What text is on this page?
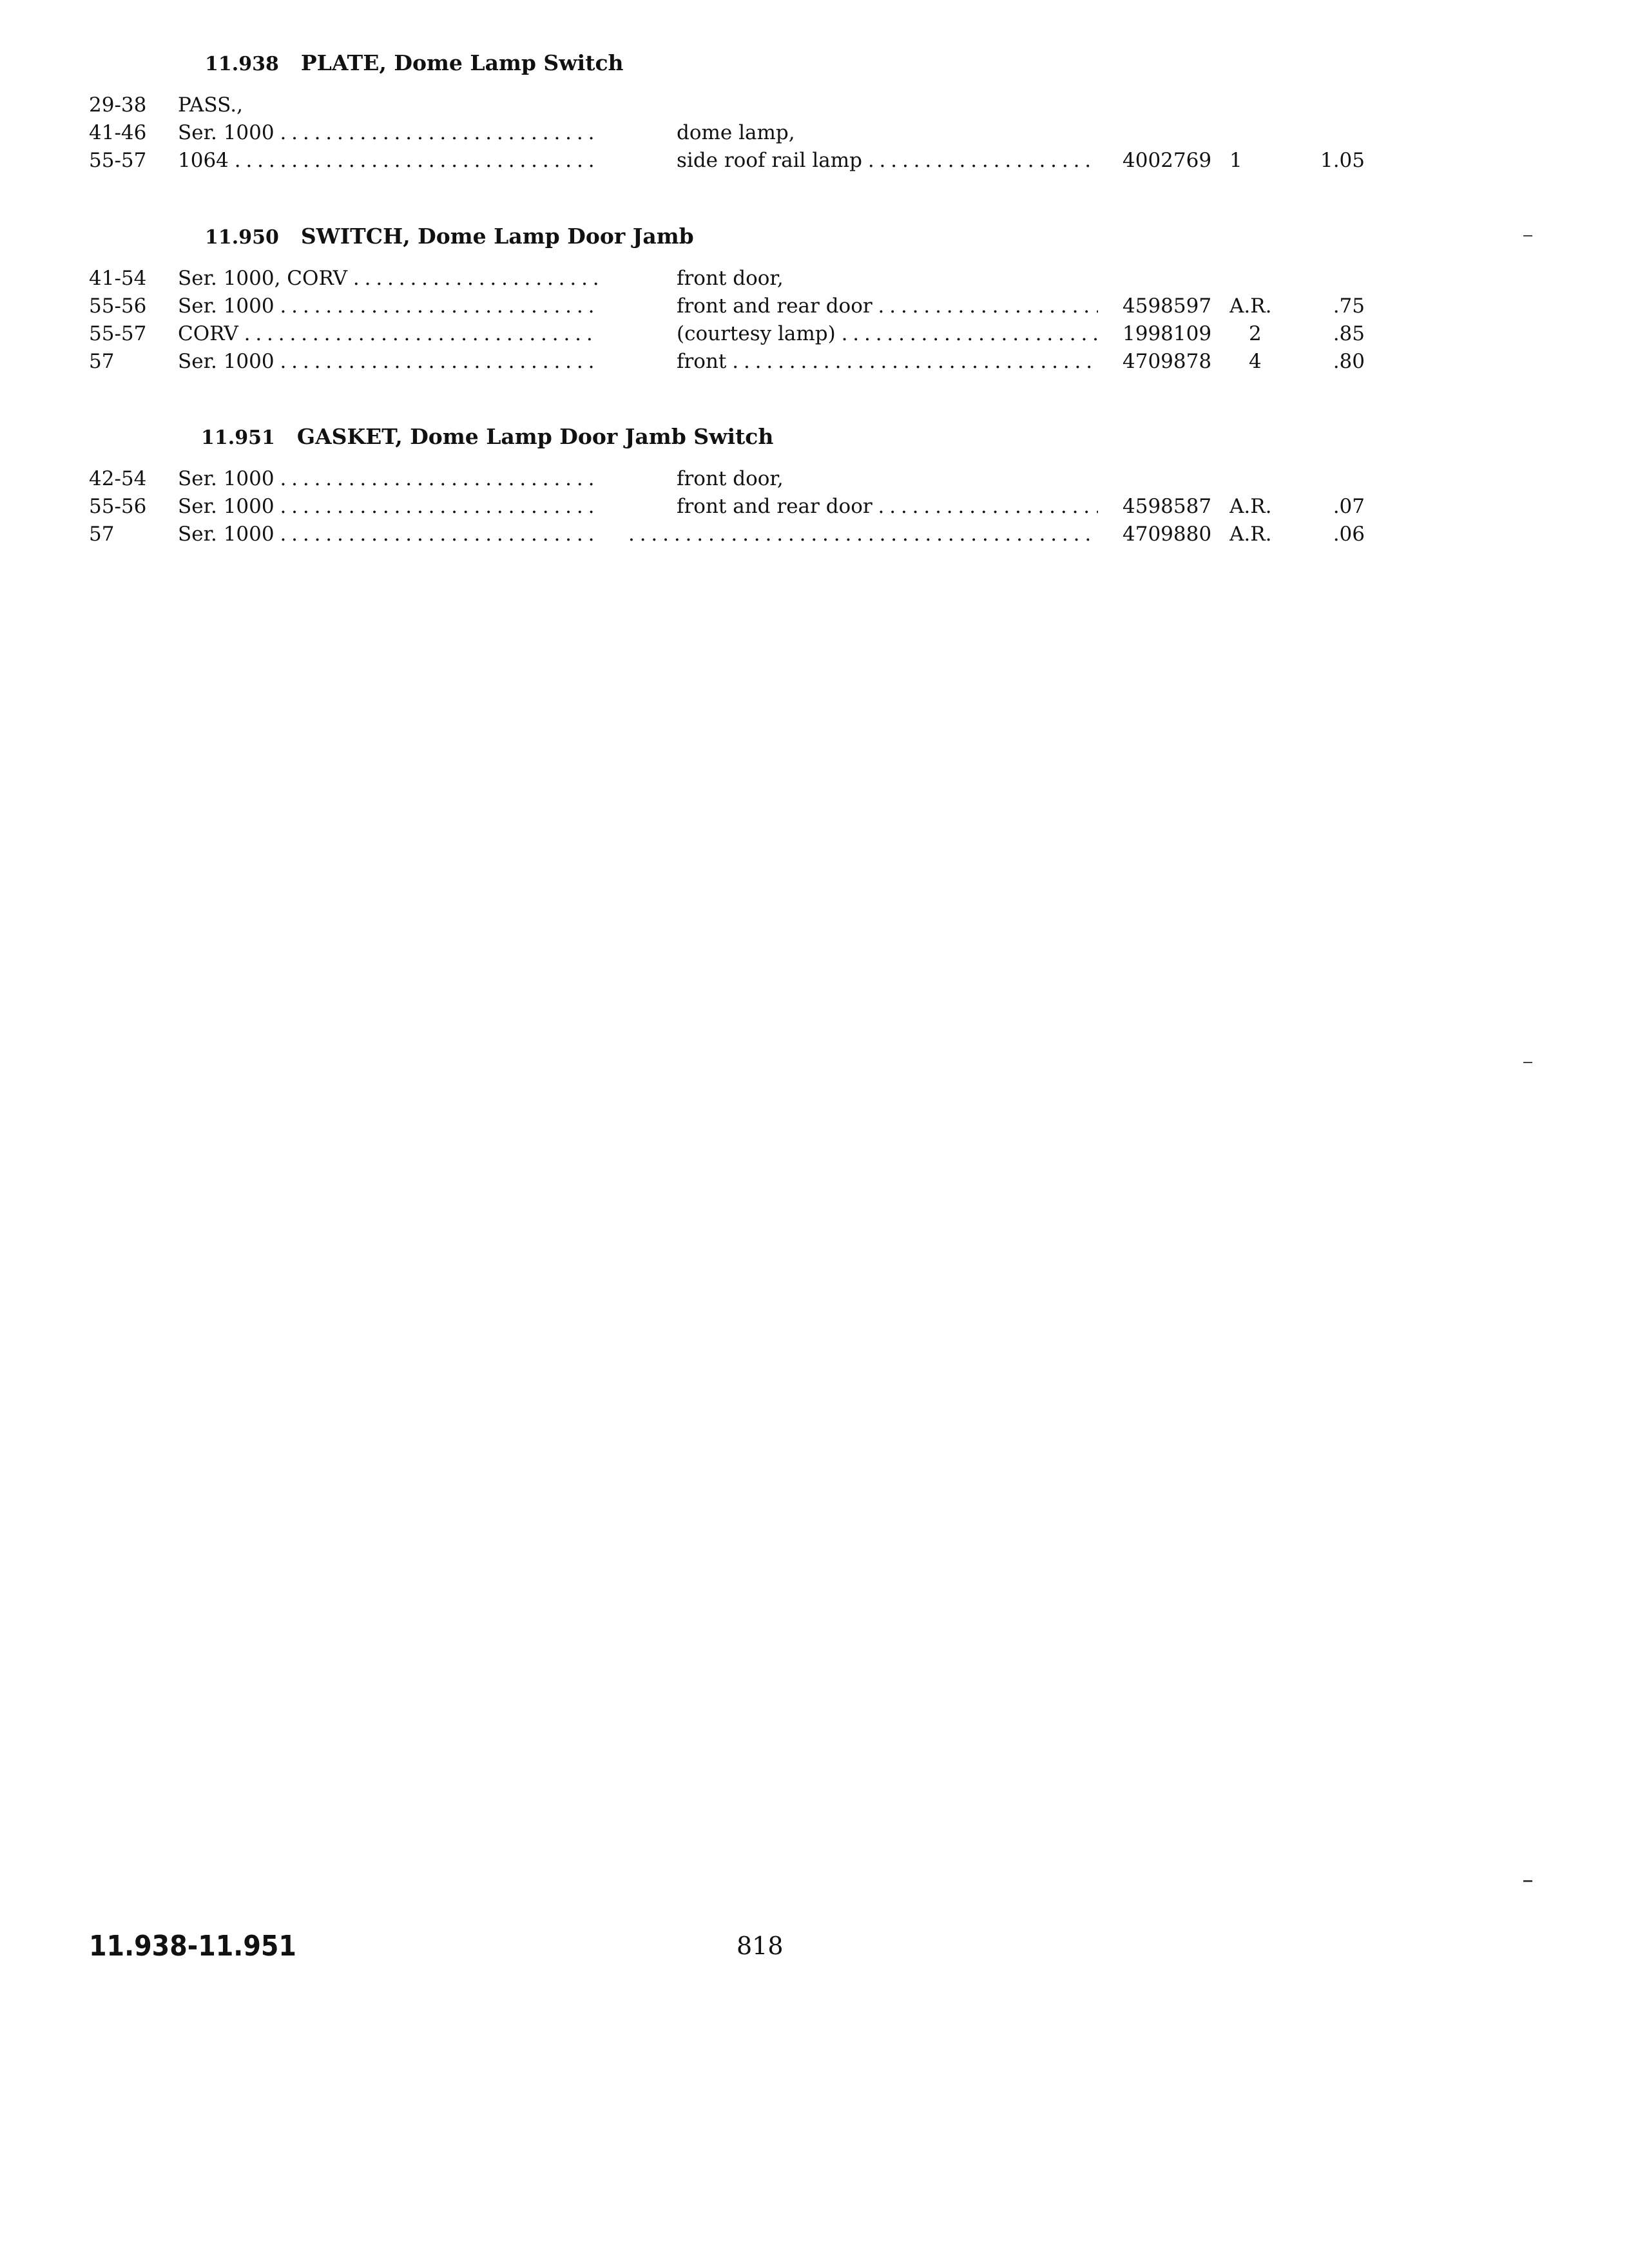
11.938 PLATE, Dome Lamp Switch
29-38	PASS.,
41-46	Ser. 1000 . . .	dome lamp,
55-57	1064 . . .	side roof rail lamp . . .	4002769 1	1.05
11.950 SWITCH, Dome Lamp Door Jamb
41-54	Ser. 1000, CORV . . .	front door,
55-56	Ser. 1000 . . .	front and rear door . . .	4598597 A.R.	.75
55-57	CORV . . .	(courtesy lamp) . . .	1998109	2	.85
57	Ser. 1000 . . .	front . . .	4709878	4	.80
11.951 GASKET, Dome Lamp Door Jamb Switch
42-54	Ser. 1000 . . .	front door,
55-56	Ser. 1000 . . .	front and rear door . . .	4598587 A.R.	.07
57	Ser. 1000 . . .
. . .	4709880 A.R.	.06
11.938-11.951	818
